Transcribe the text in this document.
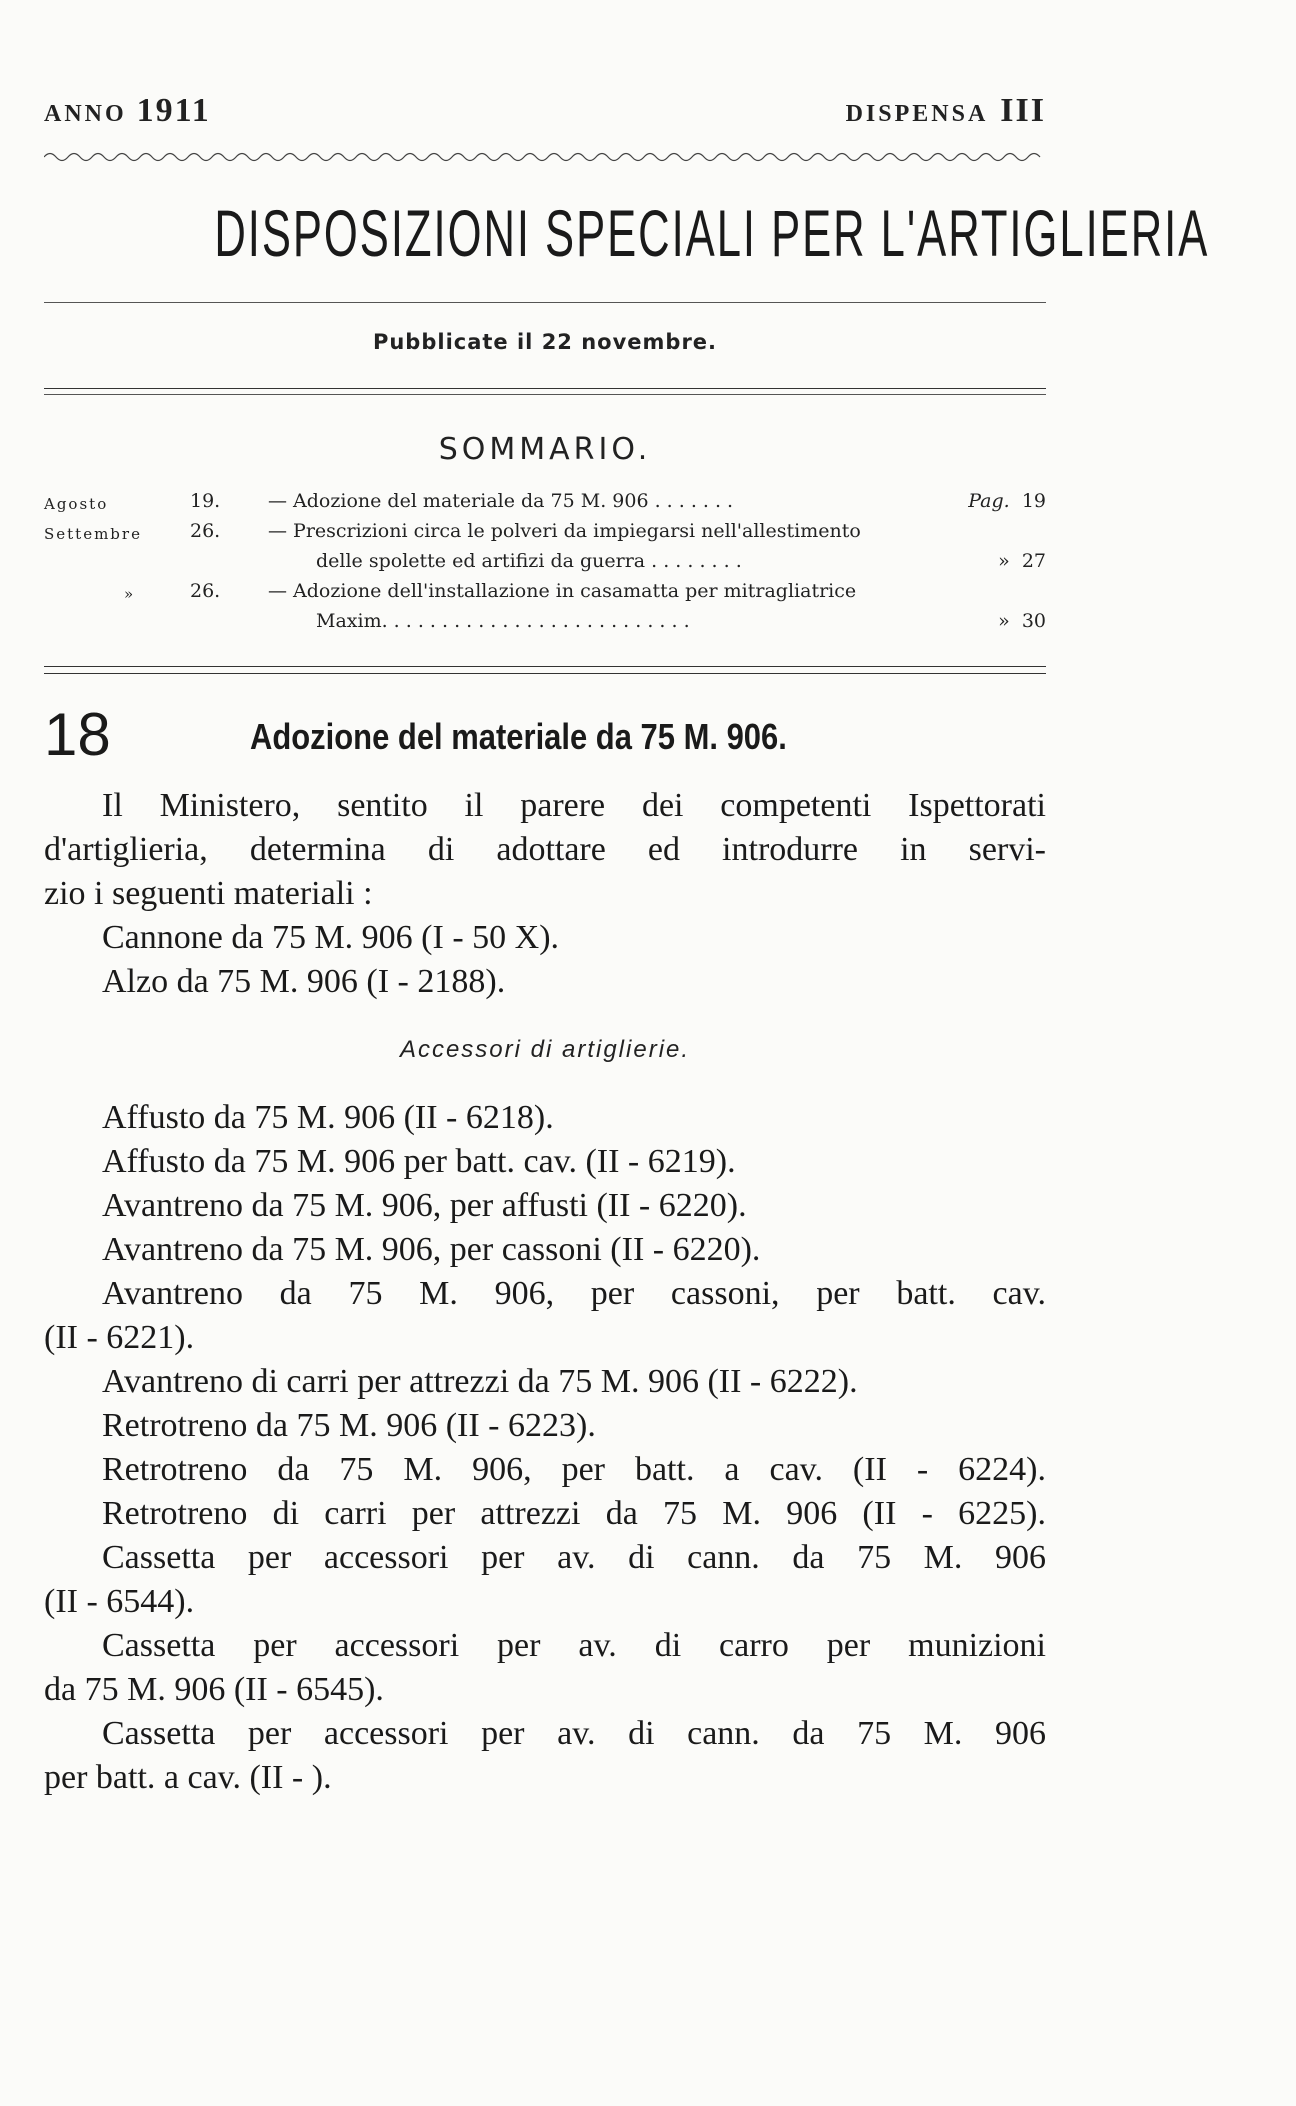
ANNO 1911	DISPENSA III
DISPOSIZIONI SPECIALI PER L'ARTIGLIERIA
Pubblicate il 22 novembre.
SOMMARIO.
Agosto	19.	— Adozione del materiale da 75 M. 906 . . . . . . .	Pag. 19
Settembre	26.	— Prescrizioni circa le polveri da impiegarsi nell'allestimento
delle spolette ed artifizi da guerra . . . . . . . .	» 27
»	26.	— Adozione dell'installazione in casamatta per mitragliatrice
Maxim. . . . . . . . . . . . . . . . . . . . . . . . . .	» 30
18	Adozione del materiale da 75 M. 906.
Il Ministero, sentito il parere dei competenti Ispettorati
d'artiglieria, determina di adottare ed introdurre in servi-
zio i seguenti materiali :
Cannone da 75 M. 906 (I - 50 X).
Alzo da 75 M. 906 (I - 2188).
Accessori di artiglierie.
Affusto da 75 M. 906 (II - 6218).
Affusto da 75 M. 906 per batt. cav. (II - 6219).
Avantreno da 75 M. 906, per affusti (II - 6220).
Avantreno da 75 M. 906, per cassoni (II - 6220).
Avantreno da 75 M. 906, per cassoni, per batt. cav.
(II - 6221).
Avantreno di carri per attrezzi da 75 M. 906 (II - 6222).
Retrotreno da 75 M. 906 (II - 6223).
Retrotreno da 75 M. 906, per batt. a cav. (II - 6224).
Retrotreno di carri per attrezzi da 75 M. 906 (II - 6225).
Cassetta per accessori per av. di cann. da 75 M. 906
(II - 6544).
Cassetta per accessori per av. di carro per munizioni
da 75 M. 906 (II - 6545).
Cassetta per accessori per av. di cann. da 75 M. 906
per batt. a cav. (II - ).
